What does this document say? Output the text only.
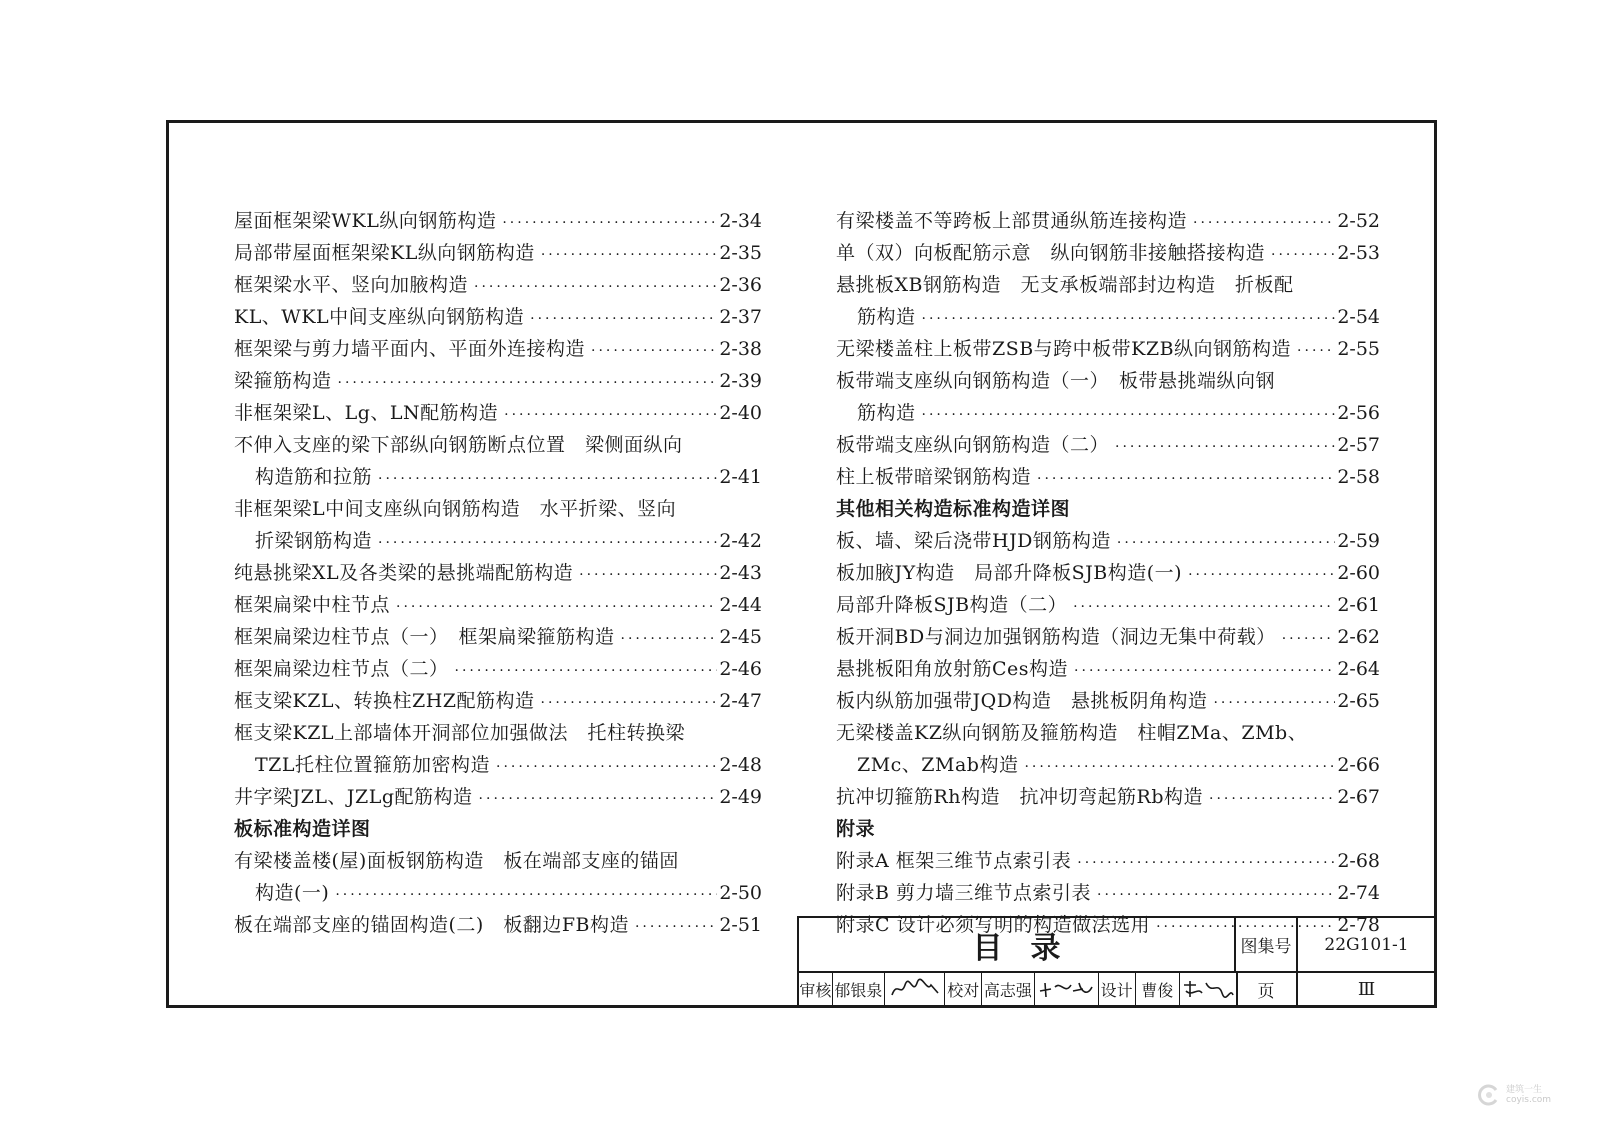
屋面框架梁WKL纵向钢筋构造 ·····	2-34
局部带屋面框架梁KL纵向钢筋构造 ·····	2-35
框架梁水平、竖向加腋构造 ·····	2-36
KL、WKL中间支座纵向钢筋构造 ·····	2-37
框架梁与剪力墙平面内、平面外连接构造 ·····	2-38
梁箍筋构造 ·····	2-39
非框架梁L、Lg、LN配筋构造 ·····	2-40
不伸入支座的梁下部纵向钢筋断点位置　梁侧面纵向
构造筋和拉筋 ·····	2-41
非框架梁L中间支座纵向钢筋构造　水平折梁、竖向
折梁钢筋构造 ·····	2-42
纯悬挑梁XL及各类梁的悬挑端配筋构造 ·····	2-43
框架扁梁中柱节点 ·····	2-44
框架扁梁边柱节点（一）　框架扁梁箍筋构造 ·····	2-45
框架扁梁边柱节点（二） ·····	2-46
框支梁KZL、转换柱ZHZ配筋构造 ·····	2-47
框支梁KZL上部墙体开洞部位加强做法　托柱转换梁
TZL托柱位置箍筋加密构造 ·····	2-48
井字梁JZL、JZLg配筋构造 ·····	2-49
板标准构造详图
有梁楼盖楼(屋)面板钢筋构造　板在端部支座的锚固
构造(一) ·····	2-50
板在端部支座的锚固构造(二)　板翻边FB构造 ·····	2-51
有梁楼盖不等跨板上部贯通纵筋连接构造 ·····	2-52
单（双）向板配筋示意　纵向钢筋非接触搭接构造 ·····	2-53
悬挑板XB钢筋构造　无支承板端部封边构造　折板配
筋构造 ·····	2-54
无梁楼盖柱上板带ZSB与跨中板带KZB纵向钢筋构造 ····· 2-55
板带端支座纵向钢筋构造（一）　板带悬挑端纵向钢
筋构造 ·····	2-56
板带端支座纵向钢筋构造（二） ·····	2-57
柱上板带暗梁钢筋构造 ·····	2-58
其他相关构造标准构造详图
板、墙、梁后浇带HJD钢筋构造 ·····	2-59
板加腋JY构造　局部升降板SJB构造(一) ·····	2-60
局部升降板SJB构造（二） ·····	2-61
板开洞BD与洞边加强钢筋构造（洞边无集中荷载） ·····	2-62
悬挑板阳角放射筋Ces构造 ·····	2-64
板内纵筋加强带JQD构造　悬挑板阴角构造 ·····	2-65
无梁楼盖KZ纵向钢筋及箍筋构造　柱帽ZMa、ZMb、
ZMc、ZMab构造 ·····	2-66
抗冲切箍筋Rh构造　抗冲切弯起筋Rb构造 ·····	2-67
附录
附录A 框架三维节点索引表 ·····	2-68
附录B 剪力墙三维节点索引表 ·····	2-74
附录C 设计必须写明的构造做法选用 ·····	2-78
目录	图集号	22G101-1
审核 郁银泉	校对 高志强	设计 曹俊	页	Ⅲ
建筑一生
coyis.com
